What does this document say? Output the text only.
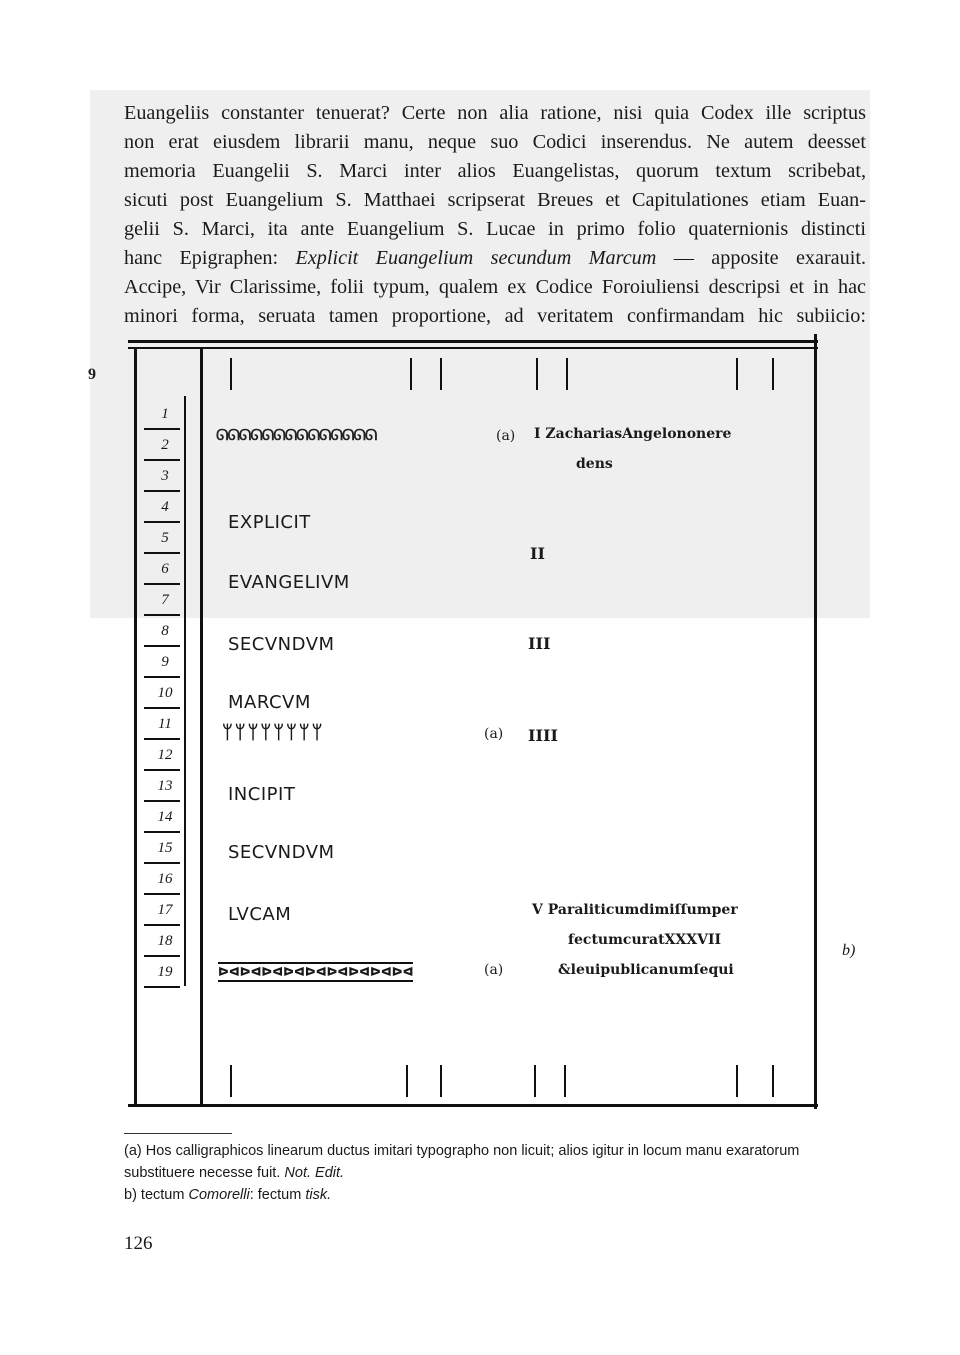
Euangeliis constanter tenuerat? Certe non alia ratione, nisi quia Codex ille scriptus
non erat eiusdem librarii manu, neque suo Codici inserendus. Ne autem deesset
memoria Euangelii S. Marci inter alios Euangelistas, quorum textum scribebat,
sicuti post Euangelium S. Matthaei scripserat Breues et Capitulationes etiam Euan-
gelii S. Marci, ita ante Euangelium S. Lucae in primo folio quaternionis distincti
hanc Epigraphen: Explicit Euangelium secundum Marcum — apposite exarauit.
Accipe, Vir Clarissime, folii typum, qualem ex Codice Foroiuliensi descripsi et in hac
minori forma, seruata tamen proportione, ad veritatem confirmandam hic subiicio:
9
1
2
3
4
5
6
7
8
9
10
11
12
13
14
15
16
17
18
19
ᘏᘏᘏᘏᘏᘏᘏᘏᘏᘏᘏᘏᘏᘏ	(a)
ᛘᛘᛘᛘᛘᛘᛘᛘ	(a)
ᐅᐊᐅᐊᐅᐊᐅᐊᐅᐊᐅᐊᐅᐊᐅᐊᐅᐊ	(a)
EXPLICIT
EVANGELIVM
SECVNDVM
MARCVM
INCIPIT
SECVNDVM
LVCAM
I ZachariasAngelononere
dens
II
III
IIII
V Paraliticumdimiſſumper
fectumcuratXXXVII
&leuipublicanumſequi
b)

(a) Hos calligraphicos linearum ductus imitari typographo non licuit; alios igitur in locum manu exaratorum substituere necesse fuit. Not. Edit.

b) tectum Comorelli: fectum tisk.

126
